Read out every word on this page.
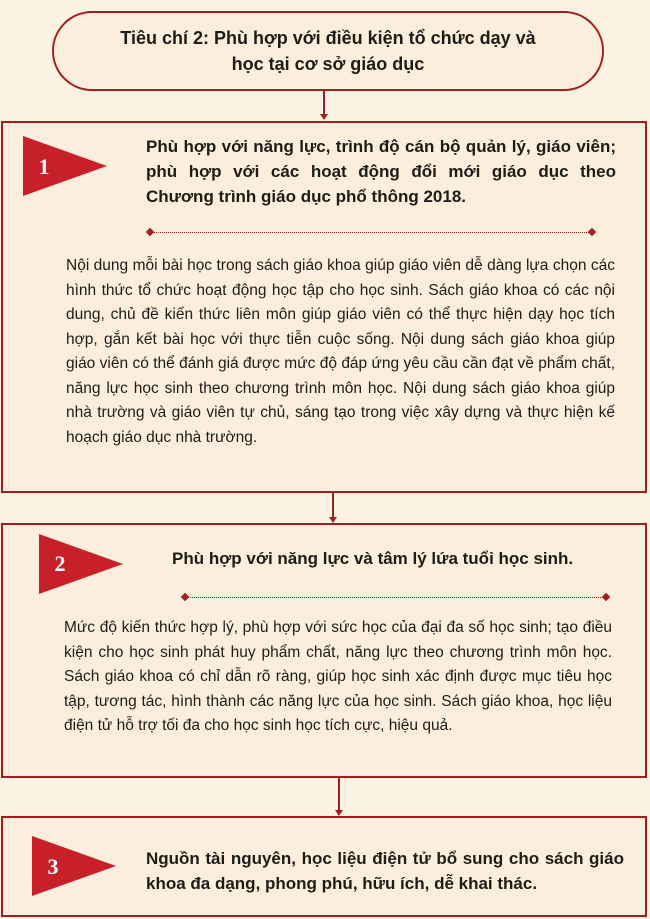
Tiêu chí 2: Phù hợp với điều kiện tổ chức dạy và học tại cơ sở giáo dục
1
Phù hợp với năng lực, trình độ cán bộ quản lý, giáo viên; phù hợp với các hoạt động đổi mới giáo dục theo Chương trình giáo dục phổ thông 2018.
Nội dung mỗi bài học trong sách giáo khoa giúp giáo viên dễ dàng lựa chọn các hình thức tổ chức hoạt động học tập cho học sinh. Sách giáo khoa có các nội dung, chủ đề kiến thức liên môn giúp giáo viên có thể thực hiện dạy học tích hợp, gắn kết bài học với thực tiễn cuộc sống. Nội dung sách giáo khoa giúp giáo viên có thể đánh giá được mức độ đáp ứng yêu cầu cần đạt về phẩm chất, năng lực học sinh theo chương trình môn học. Nội dung sách giáo khoa giúp nhà trường và giáo viên tự chủ, sáng tạo trong việc xây dựng và thực hiện kế hoạch giáo dục nhà trường.
2	Phù hợp với năng lực và tâm lý lứa tuổi học sinh.
Mức độ kiến thức hợp lý, phù hợp với sức học của đại đa số học sinh; tạo điều kiện cho học sinh phát huy phẩm chất, năng lực theo chương trình môn học. Sách giáo khoa có chỉ dẫn rõ ràng, giúp học sinh xác định được mục tiêu học tập, tương tác, hình thành các năng lực của học sinh. Sách giáo khoa, học liệu điện tử hỗ trợ tối đa cho học sinh học tích cực, hiệu quả.
3	Nguồn tài nguyên, học liệu điện tử bổ sung cho sách giáo khoa đa dạng, phong phú, hữu ích, dễ khai thác.
